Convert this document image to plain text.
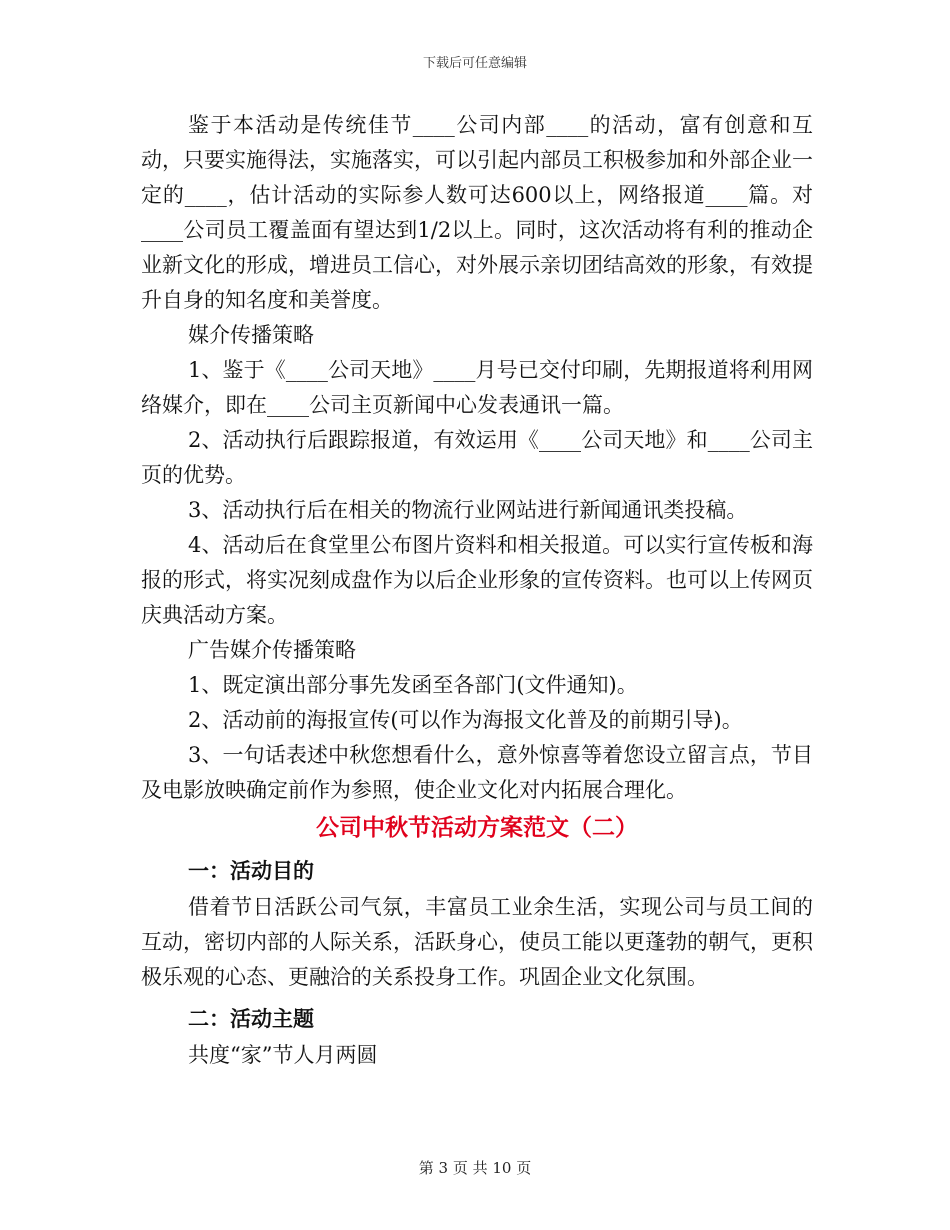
下载后可任意编辑

鉴于本活动是传统佳节____公司内部____的活动，富有创意和互动，只要实施得法，实施落实，可以引起内部员工积极参加和外部企业一定的____，估计活动的实际参人数可达600以上，网络报道____篇。对____公司员工覆盖面有望达到1/2以上。同时，这次活动将有利的推动企业新文化的形成，增进员工信心，对外展示亲切团结高效的形象，有效提升自身的知名度和美誉度。

媒介传播策略

1、鉴于《____公司天地》____月号已交付印刷，先期报道将利用网络媒介，即在____公司主页新闻中心发表通讯一篇。

2、活动执行后跟踪报道，有效运用《____公司天地》和____公司主页的优势。

3、活动执行后在相关的物流行业网站进行新闻通讯类投稿。

4、活动后在食堂里公布图片资料和相关报道。可以实行宣传板和海报的形式，将实况刻成盘作为以后企业形象的宣传资料。也可以上传网页庆典活动方案。

广告媒介传播策略

1、既定演出部分事先发函至各部门(文件通知)。

2、活动前的海报宣传(可以作为海报文化普及的前期引导)。

3、一句话表述中秋您想看什么，意外惊喜等着您设立留言点，节目及电影放映确定前作为参照，使企业文化对内拓展合理化。

公司中秋节活动方案范文（二）

一：活动目的

借着节日活跃公司气氛，丰富员工业余生活，实现公司与员工间的互动，密切内部的人际关系，活跃身心，使员工能以更蓬勃的朝气，更积极乐观的心态、更融洽的关系投身工作。巩固企业文化氛围。

二：活动主题

共度“家”节人月两圆

第 3 页 共 10 页
